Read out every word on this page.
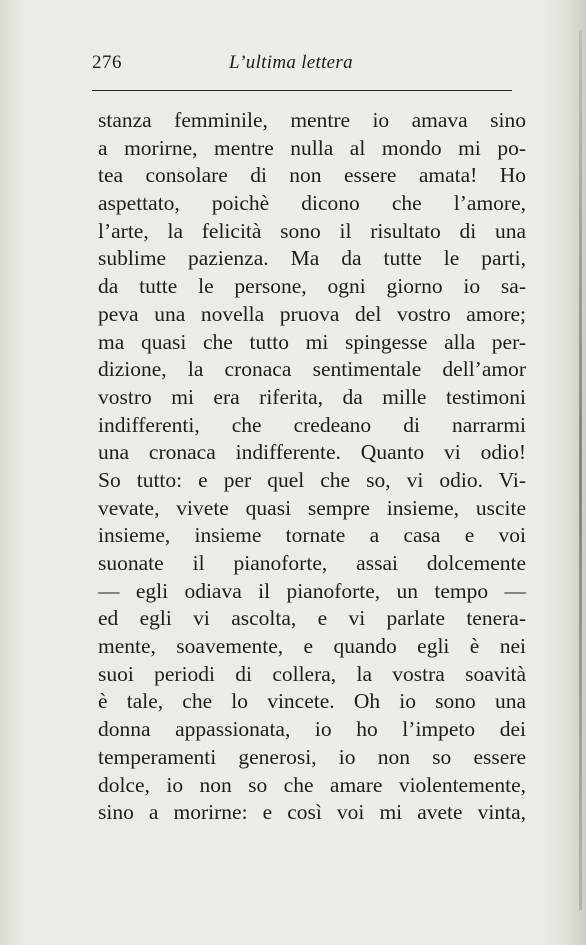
276	L’ultima lettera
stanza femminile, mentre io amava sino
a morirne, mentre nulla al mondo mi po-
tea consolare di non essere amata! Ho
aspettato, poichè dicono che l’amore,
l’arte, la felicità sono il risultato di una
sublime pazienza. Ma da tutte le parti,
da tutte le persone, ogni giorno io sa-
peva una novella pruova del vostro amore;
ma quasi che tutto mi spingesse alla per-
dizione, la cronaca sentimentale dell’amor
vostro mi era riferita, da mille testimoni
indifferenti, che credeano di narrarmi
una cronaca indifferente. Quanto vi odio!
So tutto: e per quel che so, vi odio. Vi-
vevate, vivete quasi sempre insieme, uscite
insieme, insieme tornate a casa e voi
suonate il pianoforte, assai dolcemente
— egli odiava il pianoforte, un tempo —
ed egli vi ascolta, e vi parlate tenera-
mente, soavemente, e quando egli è nei
suoi periodi di collera, la vostra soavità
è tale, che lo vincete. Oh io sono una
donna appassionata, io ho l’impeto dei
temperamenti generosi, io non so essere
dolce, io non so che amare violentemente,
sino a morirne: e così voi mi avete vinta,
